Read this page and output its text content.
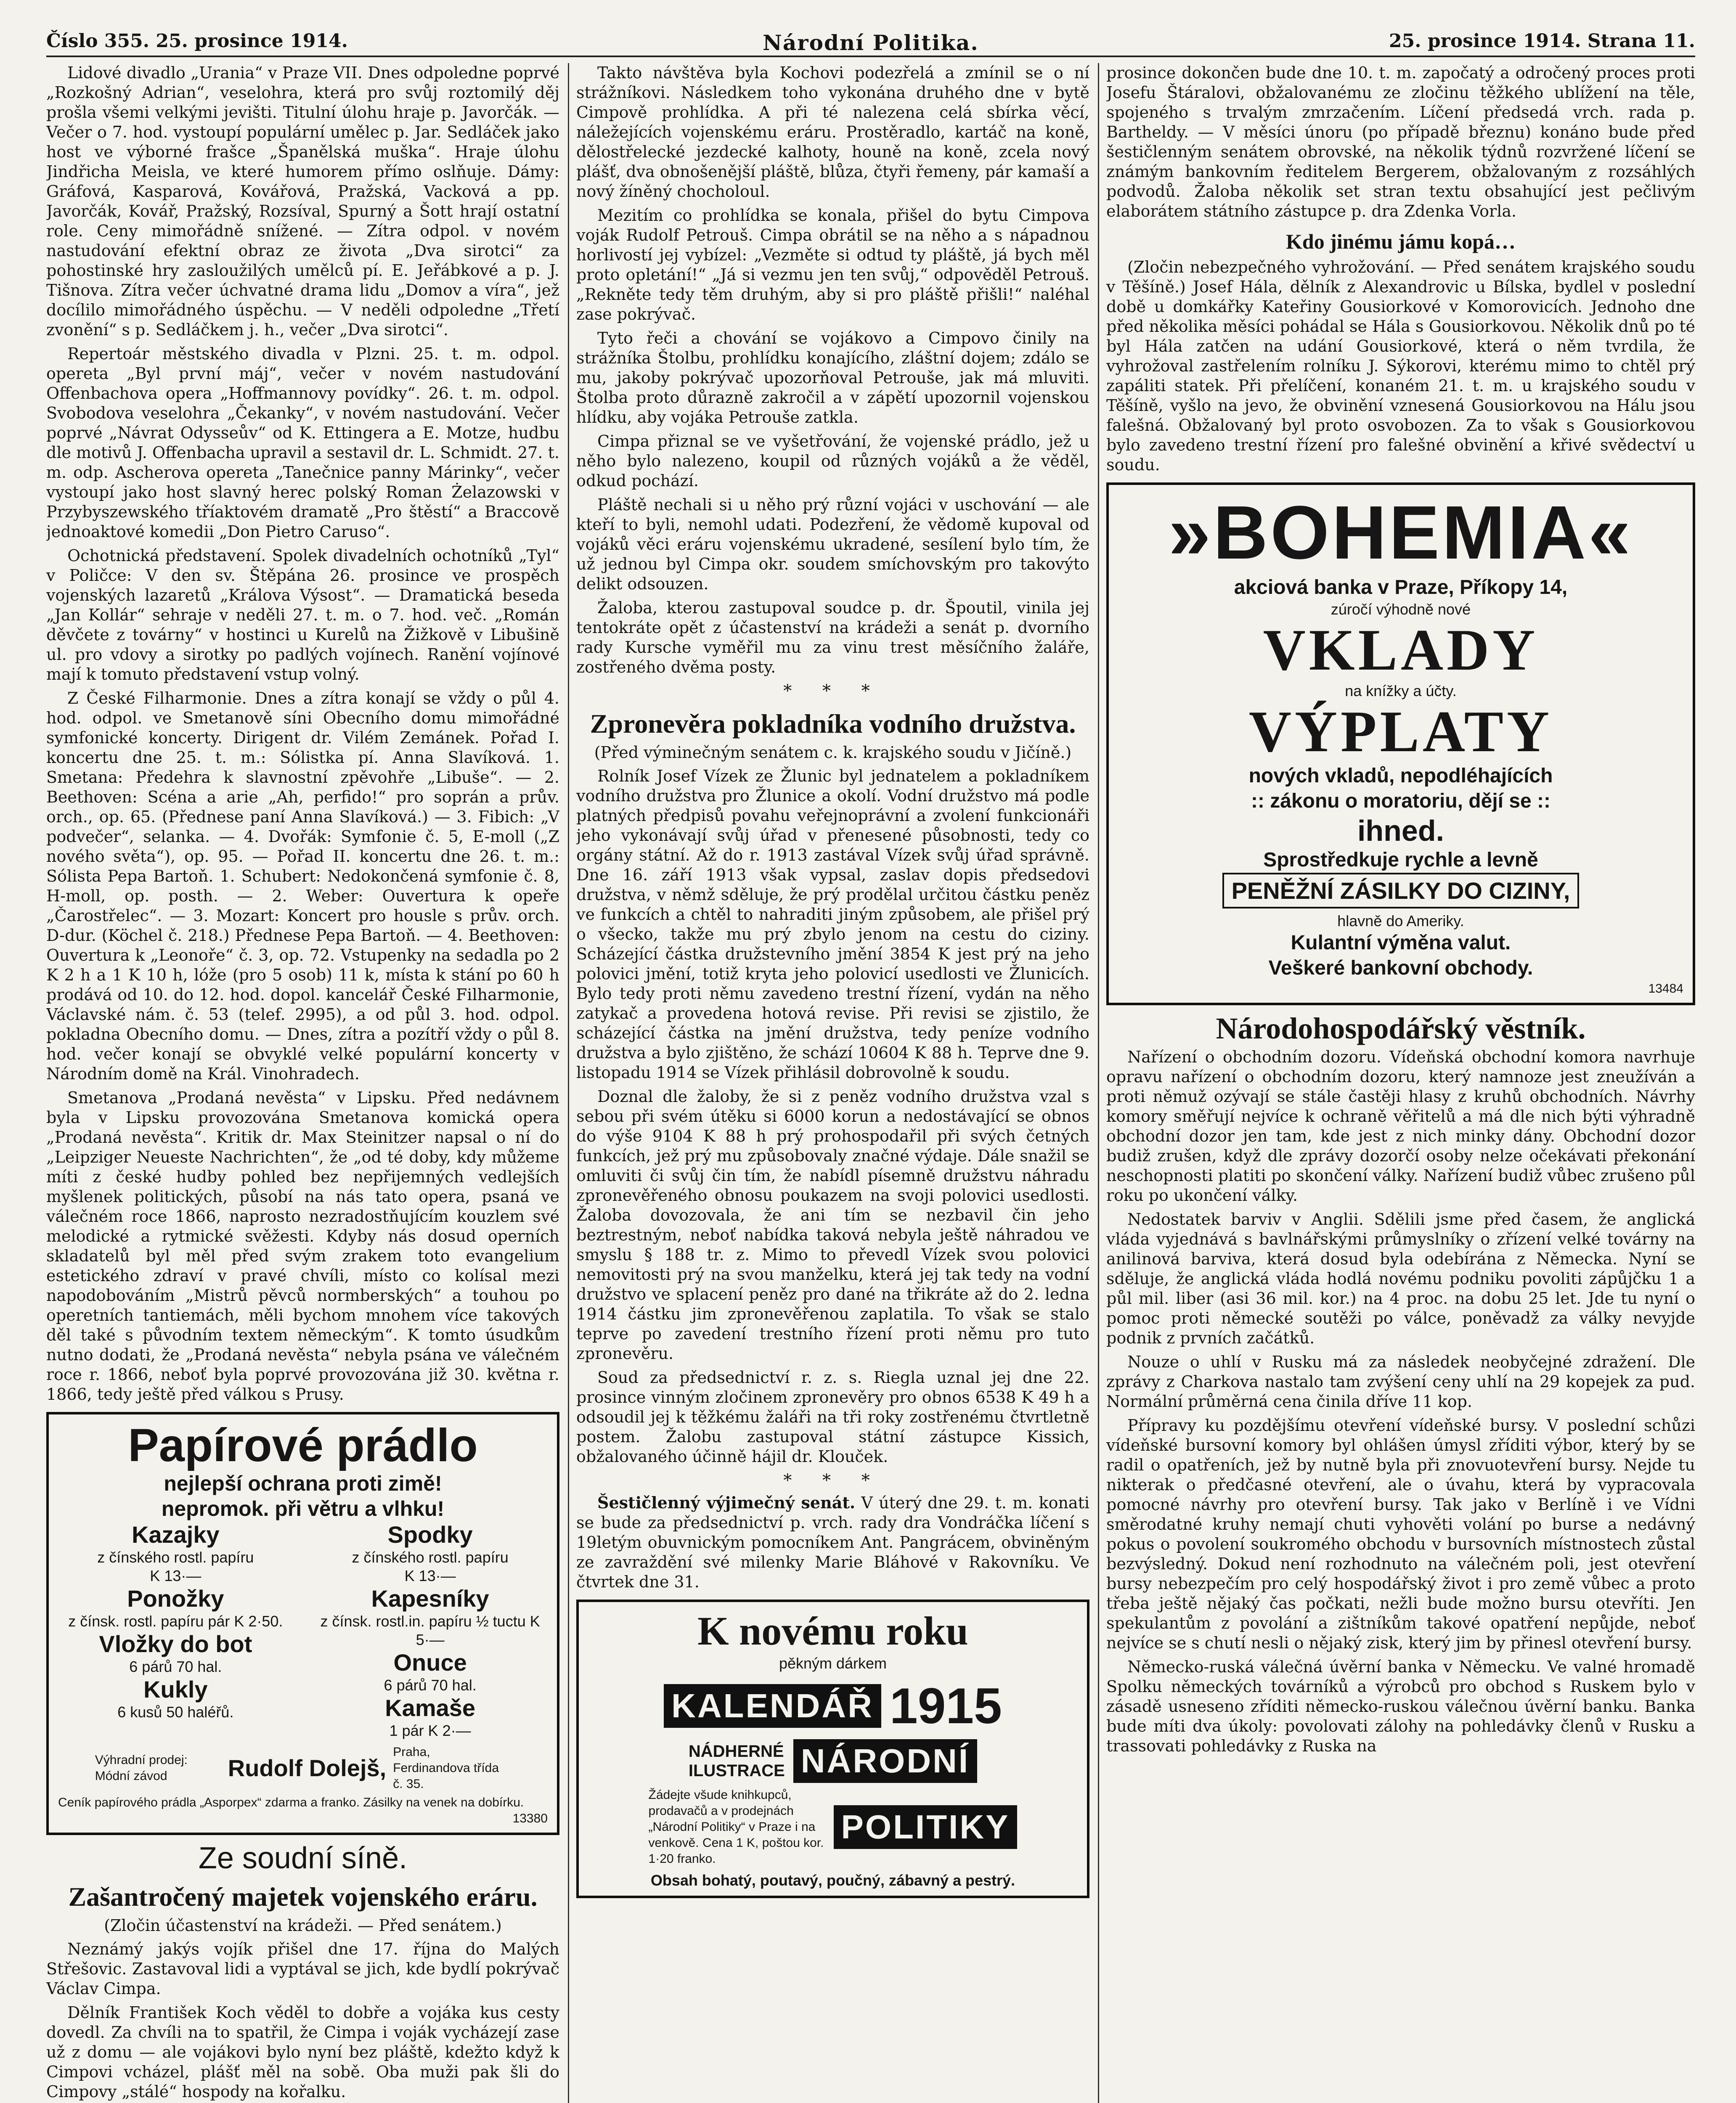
Číslo 355. 25. prosince 1914.	Národní Politika.	25. prosince 1914. Strana 11.

Lidové divadlo „Urania“ v Praze VII. Dnes odpoledne poprvé „Rozkošný Adrian“, veselohra, která pro svůj roztomilý děj prošla všemi velkými jevišti. Titulní úlohu hraje p. Javorčák. — Večer o 7. hod. vystoupí populární umělec p. Jar. Sedláček jako host ve výborné frašce „Španělská muška“. Hraje úlohu Jindřicha Meisla, ve které humorem přímo oslňuje. Dámy: Gráfová, Kasparová, Kovářová, Pražská, Vacková a pp. Javorčák, Kovář, Pražský, Rozsíval, Spurný a Šott hrají ostatní role. Ceny mimořádně snížené. — Zítra odpol. v novém nastudování efektní obraz ze života „Dva sirotci“ za pohostinské hry zasloužilých umělců pí. E. Jeřábkové a p. J. Tišnova. Zítra večer úchvatné drama lidu „Domov a víra“, jež docílilo mimořádného úspěchu. — V neděli odpoledne „Třetí zvonění“ s p. Sedláčkem j. h., večer „Dva sirotci“.

Repertoár městského divadla v Plzni. 25. t. m. odpol. opereta „Byl první máj“, večer v novém nastudování Offenbachova opera „Hoffmannovy povídky“. 26. t. m. odpol. Svobodova veselohra „Čekanky“, v novém nastudování. Večer poprvé „Návrat Odysseův“ od K. Ettingera a E. Motze, hudbu dle motivů J. Offenbacha upravil a sestavil dr. L. Schmidt. 27. t. m. odp. Ascherova opereta „Tanečnice panny Márinky“, večer vystoupí jako host slavný herec polský Roman Żelazowski v Przybyszewského tříaktovém dramatě „Pro štěstí“ a Braccově jednoaktové komedii „Don Pietro Caruso“.

Ochotnická představení. Spolek divadelních ochotníků „Tyl“ v Poličce: V den sv. Štěpána 26. prosince ve prospěch vojenských lazaretů „Králova Výsost“. — Dramatická beseda „Jan Kollár“ sehraje v neděli 27. t. m. o 7. hod. več. „Román děvčete z továrny“ v hostinci u Kurelů na Žižkově v Libušině ul. pro vdovy a sirotky po padlých vojínech. Ranění vojínové mají k tomuto představení vstup volný.

Z České Filharmonie. Dnes a zítra konají se vždy o půl 4. hod. odpol. ve Smetanově síni Obecního domu mimořádné symfonické koncerty. Dirigent dr. Vilém Zemánek. Pořad I. koncertu dne 25. t. m.: Sólistka pí. Anna Slavíková. 1. Smetana: Předehra k slavnostní zpěvohře „Libuše“. — 2. Beethoven: Scéna a arie „Ah, perfido!“ pro soprán a prův. orch., op. 65. (Přednese paní Anna Slavíková.) — 3. Fibich: „V podvečer“, selanka. — 4. Dvořák: Symfonie č. 5, E-moll („Z nového světa“), op. 95. — Pořad II. koncertu dne 26. t. m.: Sólista Pepa Bartoň. 1. Schubert: Nedokončená symfonie č. 8, H-moll, op. posth. — 2. Weber: Ouvertura k opeře „Čarostřelec“. — 3. Mozart: Koncert pro housle s prův. orch. D-dur. (Köchel č. 218.) Přednese Pepa Bartoň. — 4. Beethoven: Ouvertura k „Leonoře“ č. 3, op. 72. Vstupenky na sedadla po 2 K 2 h a 1 K 10 h, lóže (pro 5 osob) 11 k, místa k stání po 60 h prodává od 10. do 12. hod. dopol. kancelář České Filharmonie, Václavské nám. č. 53 (telef. 2995), a od půl 3. hod. odpol. pokladna Obecního domu. — Dnes, zítra a pozítří vždy o půl 8. hod. večer konají se obvyklé velké populární koncerty v Národním domě na Král. Vinohradech.

Smetanova „Prodaná nevěsta“ v Lipsku. Před nedávnem byla v Lipsku provozována Smetanova komická opera „Prodaná nevěsta“. Kritik dr. Max Steinitzer napsal o ní do „Leipziger Neueste Nachrichten“, že „od té doby, kdy můžeme míti z české hudby pohled bez nepřijemných vedlejších myšlenek politických, působí na nás tato opera, psaná ve válečném roce 1866, naprosto nezradostňujícím kouzlem své melodické a rytmické svěžesti. Kdyby nás dosud operních skladatelů byl měl před svým zrakem toto evangelium estetického zdraví v pravé chvíli, místo co kolísal mezi napodobováním „Mistrů pěvců normberských“ a touhou po operetních tantiemách, měli bychom mnohem více takových děl také s původním textem německým“. K tomto úsudkům nutno dodati, že „Prodaná nevěsta“ nebyla psána ve válečném roce r. 1866, neboť byla poprvé provozována již 30. května r. 1866, tedy ještě před válkou s Prusy.

Papírové prádlo
nejlepší ochrana proti zimě!
nepromok. při větru a vlhku!
Kazajky
z čínského rostl. papíru
K 13·—
Ponožky
z čínsk. rostl. papíru pár K 2·50.
Vložky do bot
6 párů 70 hal.
Kukly
6 kusů 50 haléřů.
Spodky
z čínského rostl. papíru
K 13·—
Kapesníky
z čínsk. rostl.in. papíru ½ tuctu K 5·—
Onuce
6 párů 70 hal.
Kamaše
1 pár K 2·—
Výhradní prodej: Módní závod	Rudolf Dolejš,
Praha, Ferdinandova třída č. 35.
Ceník papírového prádla „Asporpex“ zdarma a franko. Zásilky na venek na dobírku.
13380
Ze soudní síně.
Zašantročený majetek vojenského eráru.
(Zločin účastenství na krádeži. — Před senátem.)

Neznámý jakýs vojík přišel dne 17. října do Malých Střešovic. Zastavoval lidi a vyptával se jich, kde bydlí pokrývač Václav Cimpa.

Dělník František Koch věděl to dobře a vojáka kus cesty dovedl. Za chvíli na to spatřil, že Cimpa i voják vycházejí zase už z domu — ale vojákovi bylo nyní bez pláště, kdežto když k Cimpovi vcházel, plášť měl na sobě. Oba muži pak šli do Cimpovy „stálé“ hospody na kořalku.

Takto návštěva byla Kochovi podezřelá a zmínil se o ní strážníkovi. Následkem toho vykonána druhého dne v bytě Cimpově prohlídka. A při té nalezena celá sbírka věcí, náležejících vojenskému eráru. Prostěradlo, kartáč na koně, dělostřelecké jezdecké kalhoty, houně na koně, zcela nový plášť, dva obnošenější pláště, blůza, čtyři řemeny, pár kamaší a nový žíněný chocholoul.

Mezitím co prohlídka se konala, přišel do bytu Cimpova voják Rudolf Petrouš. Cimpa obrátil se na něho a s nápadnou horlivostí jej vybízel: „Vezměte si odtud ty pláště, já bych měl proto opletání!“ „Já si vezmu jen ten svůj,“ odpověděl Petrouš. „Rekněte tedy těm druhým, aby si pro pláště přišli!“ naléhal zase pokrývač.

Tyto řeči a chování se vojákovo a Cimpovo činily na strážníka Štolbu, prohlídku konajícího, zláštní dojem; zdálo se mu, jakoby pokrývač upozorňoval Petrouše, jak má mluviti. Štolba proto důrazně zakročil a v zápětí upozornil vojenskou hlídku, aby vojáka Petrouše zatkla.

Cimpa přiznal se ve vyšetřování, že vojenské prádlo, jež u něho bylo nalezeno, koupil od různých vojáků a že věděl, odkud pochází.

Pláště nechali si u něho prý různí vojáci v uschování — ale kteří to byli, nemohl udati. Podezření, že vědomě kupoval od vojáků věci eráru vojenskému ukradené, sesílení bylo tím, že už jednou byl Cimpa okr. soudem smíchovským pro takovýto delikt odsouzen.

Žaloba, kterou zastupoval soudce p. dr. Špoutil, vinila jej tentokráte opět z účastenství na krádeži a senát p. dvorního rady Kursche vyměřil mu za vinu trest měsíčního žaláře, zostřeného dvěma posty.

* * *
Zpronevěra pokladníka vodního družstva.
(Před výminečným senátem c. k. krajského soudu v Jičíně.)

Rolník Josef Vízek ze Žlunic byl jednatelem a pokladníkem vodního družstva pro Žlunice a okolí. Vodní družstvo má podle platných předpisů povahu veřejnoprávní a zvolení funkcionáři jeho vykonávají svůj úřad v přenesené působnosti, tedy co orgány státní. Až do r. 1913 zastával Vízek svůj úřad správně. Dne 16. září 1913 však vypsal, zaslav dopis předsedovi družstva, v němž sděluje, že prý prodělal určitou částku peněz ve funkcích a chtěl to nahraditi jiným způsobem, ale přišel prý o všecko, takže mu prý zbylo jenom na cestu do ciziny. Scházející částka družstevního jmění 3854 K jest prý na jeho polovici jmění, totiž kryta jeho polovicí usedlosti ve Žlunicích. Bylo tedy proti němu zavedeno trestní řízení, vydán na něho zatykač a provedena hotová revise. Při revisi se zjistilo, že scházející částka na jmění družstva, tedy peníze vodního družstva a bylo zjištěno, že schází 10604 K 88 h. Teprve dne 9. listopadu 1914 se Vízek přihlásil dobrovolně k soudu.

Doznal dle žaloby, že si z peněz vodního družstva vzal s sebou při svém útěku si 6000 korun a nedostávající se obnos do výše 9104 K 88 h prý prohospodařil při svých četných funkcích, jež prý mu způsobovaly značné výdaje. Dále snažil se omluviti či svůj čin tím, že nabídl písemně družstvu náhradu zpronevěřeného obnosu poukazem na svoji polovici usedlosti. Žaloba dovozovala, že ani tím se nezbavil čin jeho beztrestným, neboť nabídka taková nebyla ještě náhradou ve smyslu § 188 tr. z. Mimo to převedl Vízek svou polovici nemovitosti prý na svou manželku, která jej tak tedy na vodní družstvo ve splacení peněz pro dané na třikráte až do 2. ledna 1914 částku jim zpronevěřenou zaplatila. To však se stalo teprve po zavedení trestního řízení proti němu pro tuto zpronevěru.

Soud za předsednictví r. z. s. Riegla uznal jej dne 22. prosince vinným zločinem zpronevěry pro obnos 6538 K 49 h a odsoudil jej k těžkému žaláři na tři roky zostřenému čtvrtletně postem. Žalobu zastupoval státní zástupce Kissich, obžalovaného účinně hájil dr. Klouček.

* * *

Šestičlenný výjimečný senát. V úterý dne 29. t. m. konati se bude za předsednictví p. vrch. rady dra Vondráčka líčení s 19letým obuvnickým pomocníkem Ant. Pangrácem, obviněným ze zavraždění své milenky Marie Bláhové v Rakovníku. Ve čtvrtek dne 31.

K novému roku
pěkným dárkem
KALENDÁŘ 1915
NÁDHERNÉ
ILUSTRACE NÁRODNÍ
Žádejte všude knihkupců, prodavačů a v prodejnách „Národní Politiky“ v Praze i na venkově. Cena 1 K, poštou kor. 1·20 franko.
POLITIKY
Obsah bohatý, poutavý, poučný, zábavný a pestrý.

prosince dokončen bude dne 10. t. m. započatý a odročený proces proti Josefu Štáralovi, obžalovanému ze zločinu těžkého ublížení na těle, spojeného s trvalým zmrzačením. Líčení předsedá vrch. rada p. Bartheldy. — V měsíci únoru (po případě březnu) konáno bude před šestičlenným senátem obrovské, na několik týdnů rozvržené líčení se známým bankovním ředitelem Bergerem, obžalovaným z rozsáhlých podvodů. Žaloba několik set stran textu obsahující jest pečlivým elaborátem státního zástupce p. dra Zdenka Vorla.

Kdo jinému jámu kopá…

(Zločin nebezpečného vyhrožování. — Před senátem krajského soudu v Těšíně.) Josef Hála, dělník z Alexandrovic u Bílska, bydlel v poslední době u domkářky Kateřiny Gousiorkové v Komorovicích. Jednoho dne před několika měsíci pohádal se Hála s Gousiorkovou. Několik dnů po té byl Hála zatčen na udání Gousiorkové, která o něm tvrdila, že vyhrožoval zastřelením rolníku J. Sýkorovi, kterému mimo to chtěl prý zapáliti statek. Při přelíčení, konaném 21. t. m. u krajského soudu v Těšíně, vyšlo na jevo, že obvinění vznesená Gousiorkovou na Hálu jsou falešná. Obžalovaný byl proto osvobozen. Za to však s Gousiorkovou bylo zavedeno trestní řízení pro falešné obvinění a křivé svědectví u soudu.

»BOHEMIA«
akciová banka v Praze, Příkopy 14,
zúročí výhodně nové
VKLADY
na knížky a účty.
VÝPLATY
nových vkladů, nepodléhajících
:: zákonu o moratoriu, dějí se ::
ihned.
Sprostředkuje rychle a levně
PENĚŽNÍ ZÁSILKY DO CIZINY,
hlavně do Ameriky.
Kulantní výměna valut.
Veškeré bankovní obchody.
13484
Národohospodářský věstník.

Nařízení o obchodním dozoru. Vídeňská obchodní komora navrhuje opravu nařízení o obchodním dozoru, který namnoze jest zneužíván a proti němuž ozývají se stále častěji hlasy z kruhů obchodních. Návrhy komory směřují nejvíce k ochraně věřitelů a má dle nich býti výhradně obchodní dozor jen tam, kde jest z nich minky dány. Obchodní dozor budiž zrušen, když dle zprávy dozorčí osoby nelze očekávati překonání neschopnosti platiti po skončení války. Nařízení budiž vůbec zrušeno půl roku po ukončení války.

Nedostatek barviv v Anglii. Sdělili jsme před časem, že anglická vláda vyjednává s bavlnářskými průmyslníky o zřízení velké továrny na anilinová barviva, která dosud byla odebírána z Německa. Nyní se sděluje, že anglická vláda hodlá novému podniku povoliti zápůjčku 1 a půl mil. liber (asi 36 mil. kor.) na 4 proc. na dobu 25 let. Jde tu nyní o pomoc proti německé soutěži po válce, poněvadž za války nevyjde podnik z prvních začátků.

Nouze o uhlí v Rusku má za následek neobyčejné zdražení. Dle zprávy z Charkova nastalo tam zvýšení ceny uhlí na 29 kopejek za pud. Normální průměrná cena činila dříve 11 kop.

Přípravy ku pozdějšímu otevření vídeňské bursy. V poslední schůzi vídeňské bursovní komory byl ohlášen úmysl zříditi výbor, který by se radil o opatřeních, jež by nutně byla při znovuotevření bursy. Nejde tu nikterak o předčasné otevření, ale o úvahu, která by vypracovala pomocné návrhy pro otevření bursy. Tak jako v Berlíně i ve Vídni směrodatné kruhy nemají chuti vyhověti volání po burse a nedávný pokus o povolení soukromého obchodu v bursovních místnostech zůstal bezvýsledný. Dokud není rozhodnuto na válečném poli, jest otevření bursy nebezpečím pro celý hospodářský život i pro země vůbec a proto třeba ještě nějaký čas počkati, nežli bude možno bursu otevříti. Jen spekulantům z povolání a zištníkům takové opatření nepůjde, neboť nejvíce se s chutí nesli o nějaký zisk, který jim by přinesl otevření bursy.

Německo-ruská válečná úvěrní banka v Německu. Ve valné hromadě Spolku německých továrníků a výrobců pro obchod s Ruskem bylo v zásadě usneseno zříditi německo-ruskou válečnou úvěrní banku. Banka bude míti dva úkoly: povolovati zálohy na pohledávky členů v Rusku a trassovati pohledávky z Ruska na
